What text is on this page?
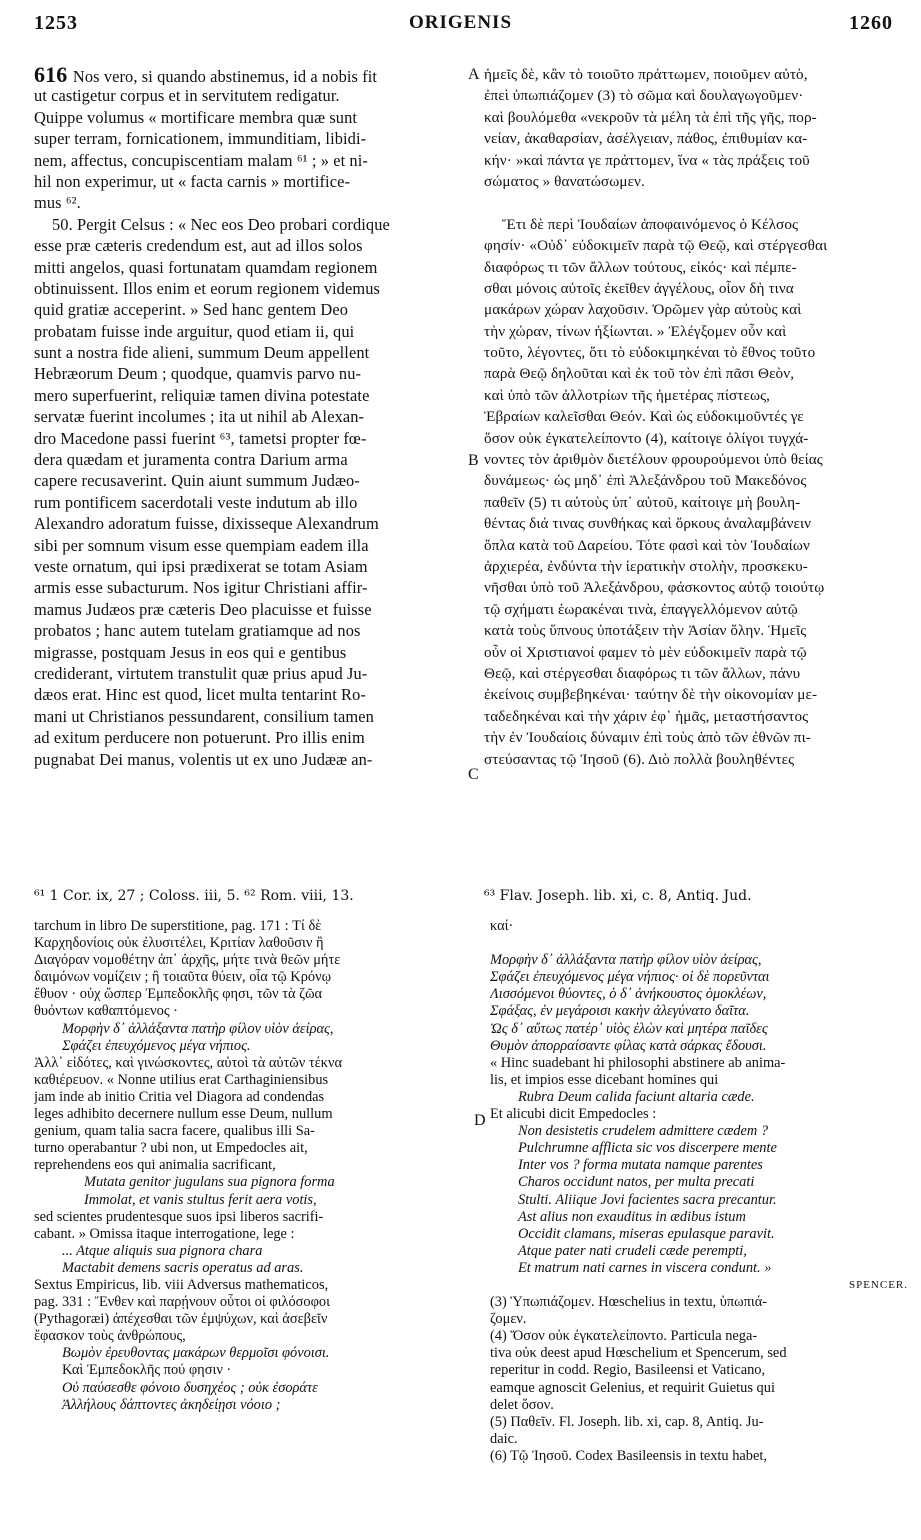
1253	ORIGENIS	1260
616 Nos vero, si quando abstinemus, id a nobis fit
ut castigetur corpus et in servitutem redigatur.
Quippe volumus « mortificare membra quæ sunt
super terram, fornicationem, immunditiam, libidi-
nem, affectus, concupiscentiam malam ⁶¹ ; » et ni-
hil non experimur, ut « facta carnis » mortifice-
mus ⁶².
50. Pergit Celsus : « Nec eos Deo probari cordique
esse præ cæteris credendum est, aut ad illos solos
mitti angelos, quasi fortunatam quamdam regionem
obtinuissent. Illos enim et eorum regionem videmus
quid gratiæ acceperint. » Sed hanc gentem Deo
probatam fuisse inde arguitur, quod etiam ii, qui
sunt a nostra fide alieni, summum Deum appellent
Hebræorum Deum ; quodque, quamvis parvo nu-
mero superfuerint, reliquiæ tamen divina potestate
servatæ fuerint incolumes ; ita ut nihil ab Alexan-
dro Macedone passi fuerint ⁶³, tametsi propter fœ-
dera quædam et juramenta contra Darium arma
capere recusaverint. Quin aiunt summum Judæo-
rum pontificem sacerdotali veste indutum ab illo
Alexandro adoratum fuisse, dixisseque Alexandrum
sibi per somnum visum esse quempiam eadem illa
veste ornatum, qui ipsi prædixerat se totam Asiam
armis esse subacturum. Nos igitur Christiani affir-
mamus Judæos præ cæteris Deo placuisse et fuisse
probatos ; hanc autem tutelam gratiamque ad nos
migrasse, postquam Jesus in eos qui e gentibus
crediderant, virtutem transtulit quæ prius apud Ju-
dæos erat. Hinc est quod, licet multa tentarint Ro-
mani ut Christianos pessundarent, consilium tamen
ad exitum perducere non potuerunt. Pro illis enim
pugnabat Dei manus, volentis ut ex uno Judææ an-
ἡμεῖς δὲ, κἂν τὸ τοιοῦτο πράττωμεν, ποιοῦμεν αὐτὸ,
ἐπεὶ ὑπωπιάζομεν (3) τὸ σῶμα καὶ δουλαγωγοῦμεν·
καὶ βουλόμεθα «νεκροῦν τὰ μέλη τὰ ἐπὶ τῆς γῆς, πορ-
νείαν, ἀκαθαρσίαν, ἀσέλγειαν, πάθος, ἐπιθυμίαν κα-
κήν· »καὶ πάντα γε πράττομεν, ἵνα « τὰς πράξεις τοῦ
σώματος » θανατώσωμεν.
Ἔτι δὲ περὶ Ἰουδαίων ἀποφαινόμενος ὁ Κέλσος
φησίν· «Οὐδ᾽ εὐδοκιμεῖν παρὰ τῷ Θεῷ, καὶ στέργεσθαι
διαφόρως τι τῶν ἄλλων τούτους, εἰκός· καὶ πέμπε-
σθαι μόνοις αὐτοῖς ἐκεῖθεν ἀγγέλους, οἷον δὴ τινα
μακάρων χώραν λαχοῦσιν. Ὁρῶμεν γὰρ αὐτοὺς καὶ
τὴν χώραν, τίνων ἠξίωνται. » Ἐλέγξομεν οὖν καὶ
τοῦτο, λέγοντες, ὅτι τὸ εὐδοκιμηκέναι τὸ ἔθνος τοῦτο
παρὰ Θεῷ δηλοῦται καὶ ἐκ τοῦ τὸν ἐπὶ πᾶσι Θεὸν,
καὶ ὑπὸ τῶν ἀλλοτρίων τῆς ἡμετέρας πίστεως,
Ἑβραίων καλεῖσθαι Θεόν. Καὶ ὡς εὐδοκιμοῦντές γε
ὅσον οὐκ ἐγκατελείποντο (4), καίτοιγε ὀλίγοι τυγχά-
νοντες τὸν ἀριθμὸν διετέλουν φρουρούμενοι ὑπὸ θείας
δυνάμεως· ὡς μηδ᾽ ἐπὶ Ἀλεξάνδρου τοῦ Μακεδόνος
παθεῖν (5) τι αὐτοὺς ὑπ᾽ αὐτοῦ, καίτοιγε μὴ βουλη-
θέντας διά τινας συνθήκας καὶ ὅρκους ἀναλαμβάνειν
ὅπλα κατὰ τοῦ Δαρείου. Τότε φασὶ καὶ τὸν Ἰουδαίων
ἀρχιερέα, ἐνδύντα τὴν ἱερατικὴν στολὴν, προσκεκυ-
νῆσθαι ὑπὸ τοῦ Ἀλεξάνδρου, φάσκοντος αὐτῷ τοιούτῳ
τῷ σχήματι ἑωρακέναι τινὰ, ἐπαγγελλόμενον αὐτῷ
κατὰ τοὺς ὕπνους ὑποτάξειν τὴν Ἀσίαν ὅλην. Ἡμεῖς
οὖν οἱ Χριστιανοί φαμεν τὸ μὲν εὐδοκιμεῖν παρὰ τῷ
Θεῷ, καὶ στέργεσθαι διαφόρως τι τῶν ἄλλων, πάνυ
ἐκείνοις συμβεβηκέναι· ταύτην δὲ τὴν οἰκονομίαν με-
ταδεδηκέναι καὶ τὴν χάριν ἐφ᾽ ἡμᾶς, μεταστήσαντος
τὴν ἐν Ἰουδαίοις δύναμιν ἐπὶ τοὺς ἀπὸ τῶν ἐθνῶν πι-
στεύσαντας τῷ Ἰησοῦ (6). Διὸ πολλὰ βουληθέντες
A
B
C
D
⁶¹ 1 Cor. ix, 27 ; Coloss. iii, 5. ⁶² Rom. viii, 13.	⁶³ Flav. Joseph. lib. xi, c. 8, Antiq. Jud.
tarchum in libro De superstitione, pag. 171 : Τί δὲ
Καρχηδονίοις οὐκ ἐλυσιτέλει, Κριτίαν λαθοῦσιν ἢ
Διαγόραν νομοθέτην ἀπ᾽ ἀρχῆς, μήτε τινὰ θεῶν μήτε
δαιμόνων νομίζειν ; ἢ τοιαῦτα θύειν, οἷα τῷ Κρόνῳ
ἔθυον · οὐχ ὥσπερ Ἐμπεδοκλῆς φησι, τῶν τὰ ζῶα
θυόντων καθαπτόμενος ·
Μορφὴν δ᾽ ἀλλάξαντα πατὴρ φίλον υἱὸν ἀείρας,
Σφάζει ἐπευχόμενος μέγα νήπιος.
Ἀλλ᾽ εἰδότες, καὶ γινώσκοντες, αὐτοὶ τὰ αὐτῶν τέκνα
καθιέρευον. « Nonne utilius erat Carthaginiensibus
jam inde ab initio Critia vel Diagora ad condendas
leges adhibito decernere nullum esse Deum, nullum
genium, quam talia sacra facere, qualibus illi Sa-
turno operabantur ? ubi non, ut Empedocles ait,
reprehendens eos qui animalia sacrificant,
Mutata genitor jugulans sua pignora forma
Immolat, et vanis stultus ferit aera votis,
sed scientes prudentesque suos ipsi liberos sacrifi-
cabant. » Omissa itaque interrogatione, lege :
... Atque aliquis sua pignora chara
Mactabit demens sacris operatus ad aras.
Sextus Empiricus, lib. viii Adversus mathematicos,
pag. 331 : Ἔνθεν καὶ παρῄνουν οὗτοι οἱ φιλόσοφοι
(Pythagoræi) ἀπέχεσθαι τῶν ἐμψύχων, καὶ ἀσεβεῖν
ἔφασκον τοὺς ἀνθρώπους,
Βωμὸν ἐρευθοντας μακάρων θερμοῖσι φόνοισι.
Καὶ Ἐμπεδοκλῆς πού φησιν ·
Οὐ παύσεσθε φόνοιο δυσηχέος ; οὐκ ἐσοράτε
Ἀλλήλους δάπτοντες ἀκηδείῃσι νόοιο ;
καί·
Μορφὴν δ᾽ ἀλλάξαντα πατὴρ φίλον υἱὸν ἀείρας,
Σφάζει ἐπευχόμενος μέγα νήπιος· οἱ δὲ πορεῦνται
Λισσόμενοι θύοντες, ὁ δ᾽ ἀνήκουστος ὁμοκλέων,
Σφάξας, ἐν μεγάροισι κακὴν ἀλεγύνατο δαῖτα.
Ὡς δ᾽ αὔτως πατέρ᾽ υἱὸς ἑλὼν καὶ μητέρα παῖδες
Θυμὸν ἀπορραίσαντε φίλας κατὰ σάρκας ἔδουσι.
« Hinc suadebant hi philosophi abstinere ab anima-
lis, et impios esse dicebant homines qui
Rubra Deum calida faciunt altaria cæde.
Et alicubi dicit Empedocles :
Non desistetis crudelem admittere cædem ?
Pulchrumne afflicta sic vos discerpere mente
Inter vos ? forma mutata namque parentes
Charos occidunt natos, per multa precati
Stulti. Aliique Jovi facientes sacra precantur.
Ast alius non exauditus in ædibus istum
Occidit clamans, miseras epulasque paravit.
Atque pater nati crudeli cæde perempti,
Et matrum nati carnes in viscera condunt. »
SPENCER.
(3) Ὑπωπιάζομεν. Hœschelius in textu, ὑπωπιά-
ζομεν.
(4) Ὅσον οὐκ ἐγκατελείποντο. Particula nega-
tiva οὐκ deest apud Hœschelium et Spencerum, sed
reperitur in codd. Regio, Basileensi et Vaticano,
eamque agnoscit Gelenius, et requirit Guietus qui
delet ὅσον.
(5) Παθεῖν. Fl. Joseph. lib. xi, cap. 8, Antiq. Ju-
daic.
(6) Τῷ Ἰησοῦ. Codex Basileensis in textu habet,
